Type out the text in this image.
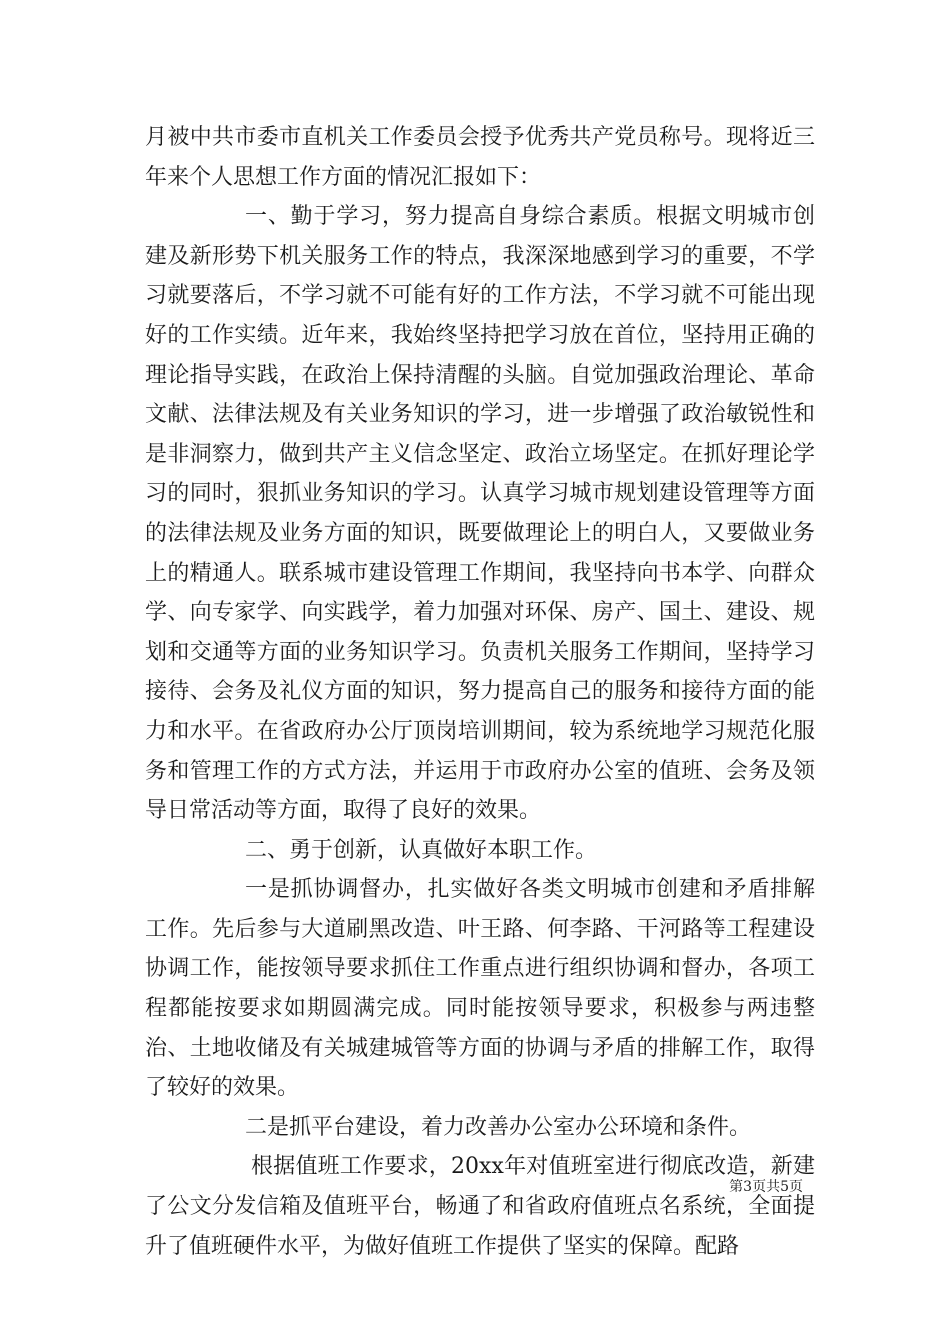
月被中共市委市直机关工作委员会授予优秀共产党员称号。现将近三年来个人思想工作方面的情况汇报如下：

一、勤于学习，努力提高自身综合素质。根据文明城市创建及新形势下机关服务工作的特点，我深深地感到学习的重要，不学习就要落后，不学习就不可能有好的工作方法，不学习就不可能出现好的工作实绩。近年来，我始终坚持把学习放在首位，坚持用正确的理论指导实践，在政治上保持清醒的头脑。自觉加强政治理论、革命文献、法律法规及有关业务知识的学习，进一步增强了政治敏锐性和是非洞察力，做到共产主义信念坚定、政治立场坚定。在抓好理论学习的同时，狠抓业务知识的学习。认真学习城市规划建设管理等方面的法律法规及业务方面的知识，既要做理论上的明白人，又要做业务上的精通人。联系城市建设管理工作期间，我坚持向书本学、向群众学、向专家学、向实践学，着力加强对环保、房产、国土、建设、规划和交通等方面的业务知识学习。负责机关服务工作期间，坚持学习接待、会务及礼仪方面的知识，努力提高自己的服务和接待方面的能力和水平。在省政府办公厅顶岗培训期间，较为系统地学习规范化服务和管理工作的方式方法，并运用于市政府办公室的值班、会务及领导日常活动等方面，取得了良好的效果。

二、勇于创新，认真做好本职工作。

一是抓协调督办，扎实做好各类文明城市创建和矛盾排解工作。先后参与大道刷黑改造、叶王路、何李路、干河路等工程建设协调工作，能按领导要求抓住工作重点进行组织协调和督办，各项工程都能按要求如期圆满完成。同时能按领导要求，积极参与两违整治、土地收储及有关城建城管等方面的协调与矛盾的排解工作，取得了较好的效果。

二是抓平台建设，着力改善办公室办公环境和条件。

根据值班工作要求，20xx年对值班室进行彻底改造，新建了公文分发信箱及值班平台，畅通了和省政府值班点名系统，全面提升了值班硬件水平，为做好值班工作提供了坚实的保障。配路

第3页共5页
